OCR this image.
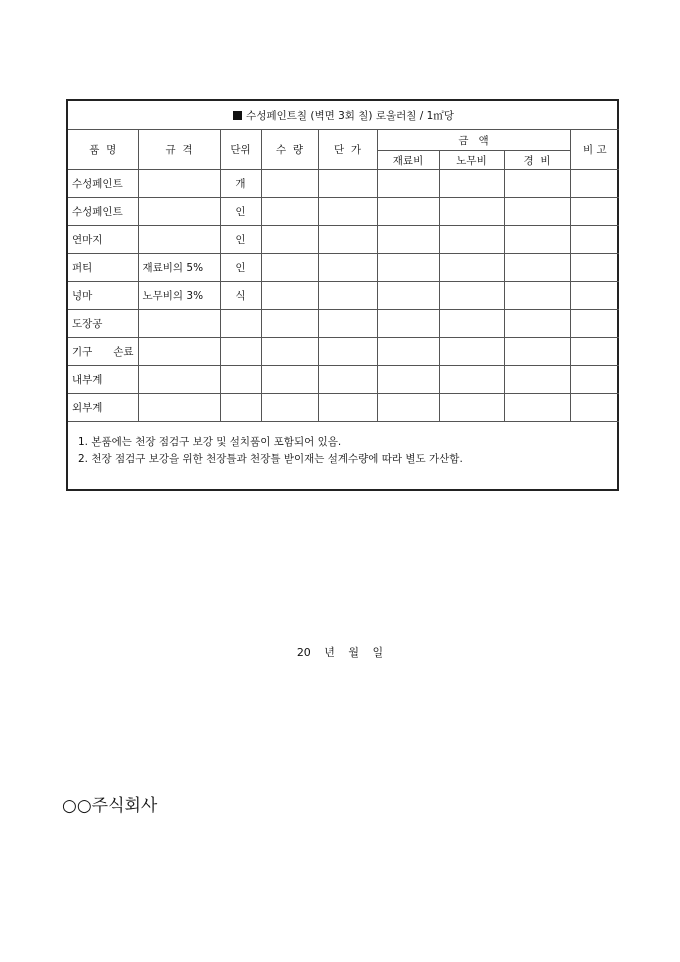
수성페인트칠 (벽면 3회 칠) 로울러칠 / 1㎡당								
품  명	규  격	단위	수  량	단  가	금   액			비 고
					재료비	노무비	경  비	
수성페인트		개						
수성페인트		인						
연마지		인						
퍼티	재료비의 5%	인						
넝마	노무비의 3%	식						
도장공								
기구 손료								
내부계								
외부계								

1. 본품에는 천장 점검구 보강 및 설치품이 포함되어 있음.
2. 천장 점검구 보강을 위한 천장틀과 천장틀 받이재는 설계수량에 따라 별도 가산함.								
20 년 월 일
○○주식회사
